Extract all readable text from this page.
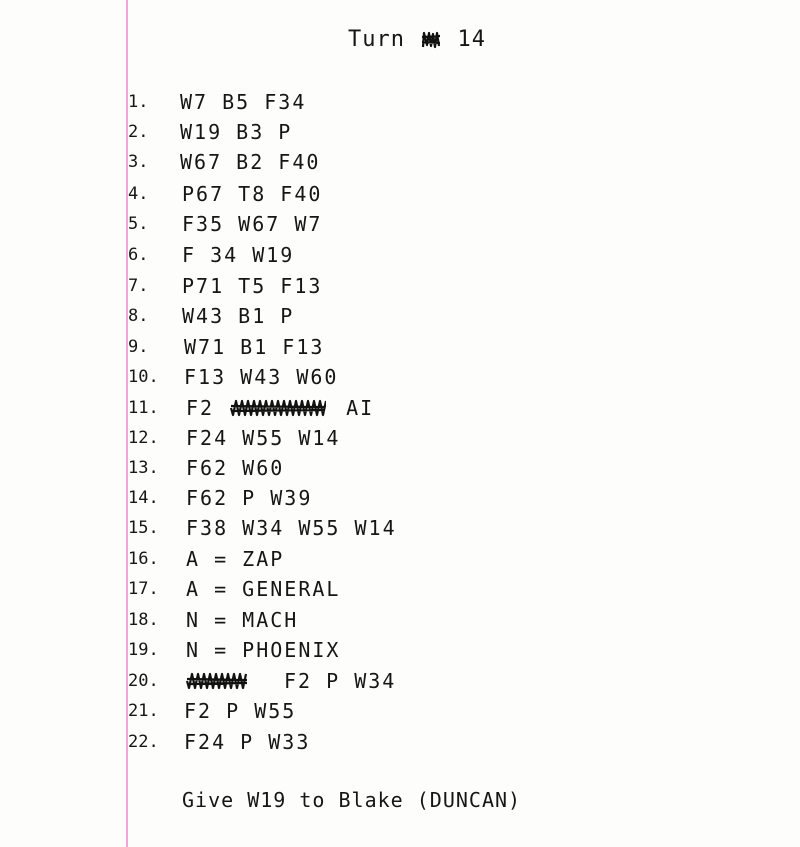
Turn 14
1. W7 B5 F34
2. W19 B3 P
3. W67 B2 F40
4. P67 T8 F40
5. F35 W67 W7
6. F 34 W19
7. P71 T5 F13
8. W43 B1 P
9. W71 B1 F13
10. F13 W43 W60
11. F2	AI
12. F24 W55 W14
13. F62 W60
14. F62 P W39
15. F38 W34 W55 W14
16. A = ZAP
17. A = GENERAL
18. N = MACH
19. N = PHOENIX
20.	F2 P W34
21. F2 P W55
22. F24 P W33
Give W19 to Blake (DUNCAN)
